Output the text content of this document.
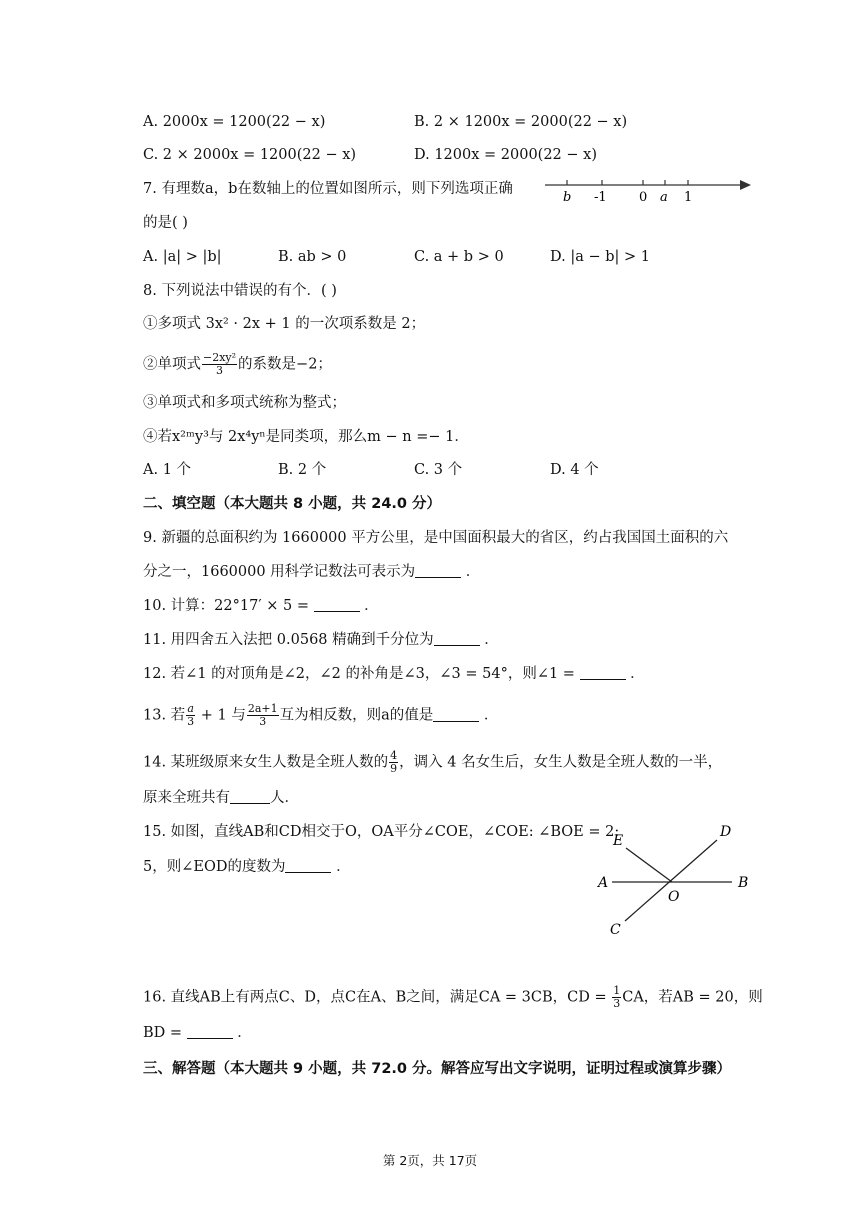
A. 2000x = 1200(22 − x)	B. 2 × 1200x = 2000(22 − x)
C. 2 × 2000x = 1200(22 − x)	D. 1200x = 2000(22 − x)
7. 有理数a，b在数轴上的位置如图所示，则下列选项正确
的是( )
b -1 0 a 1
A. |a| > |b|	B. ab > 0	C. a + b > 0	D. |a − b| > 1
8. 下列说法中错误的有个．( )
①多项式 3x² · 2x + 1 的一次项系数是 2；
②单项式 $\frac{\text{−2xy²}}{3}$ 的系数是−2；
③单项式和多项式统称为整式；
④若x²ᵐy³与 2x⁴yⁿ是同类项，那么m − n =− 1．
A. 1 个	B. 2 个	C. 3 个	D. 4 个
二、填空题（本大题共 8 小题，共 24.0 分）
9. 新疆的总面积约为 1660000 平方公里，是中国面积最大的省区，约占我国国土面积的六
分之一，1660000 用科学记数法可表示为	．
10. 计算：22°17′ × 5 =	．
11. 用四舍五入法把 0.0568 精确到千分位为	．
12. 若∠1 的对顶角是∠2，∠2 的补角是∠3，∠3 = 54°，则∠1 =	．
13. 若 $\frac{a}{3} + 1$ 与 $\frac{2a+1}{3}$ 互为相反数，则a的值是	．
14. 某班级原来女生人数是全班人数的 $\frac{4}{9}$ ，调入 4 名女生后，女生人数是全班人数的一半，
原来全班共有	人．
15. 如图，直线AB和CD相交于O，OA平分∠COE，∠COE: ∠BOE = 2:
5，则∠EOD的度数为	．
E
D
A
O
B
C
16. 直线AB上有两点C、D，点C在A、B之间，满足CA = 3CB，CD = $\frac{1}{3}$ CA，若AB = 20，则
BD =	．
三、解答题（本大题共 9 小题，共 72.0 分。解答应写出文字说明，证明过程或演算步骤）
第 2页，共 17页
